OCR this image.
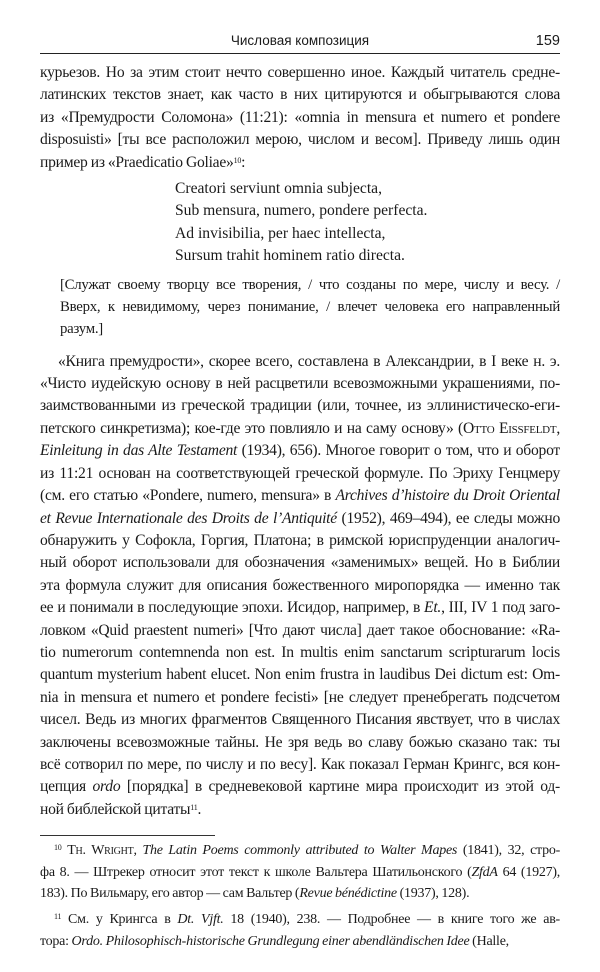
Числовая композиция	159
курьезов. Но за этим стоит нечто совершенно иное. Каждый читатель средне-
латинских текстов знает, как часто в них цитируются и обыгрываются слова
из «Премудрости Соломона» (11:21): «omnia in mensura et numero et pondere
disposuisti» [ты все расположил мерою, числом и весом]. Приведу лишь один
пример из «Praedicatio Goliae»$^{10}$:
Creatori serviunt omnia subjecta,
Sub mensura, numero, pondere perfecta.
Ad invisibilia, per haec intellecta,
Sursum trahit hominem ratio directa.
[Служат своему творцу все творения, / что созданы по мере, числу и весу. /
Вверх, к невидимому, через понимание, / влечет человека его направленный
разум.]
«Книга премудрости», скорее всего, составлена в Александрии, в I веке н. э.
«Чисто иудейскую основу в ней расцветили всевозможными украшениями, по-
заимствованными из греческой традиции (или, точнее, из эллинистическо-еги-
петского синкретизма); кое-где это повлияло и на саму основу» (Otto Eissfeldt,
Einleitung in das Alte Testament (1934), 656). Многое говорит о том, что и оборот
из 11:21 основан на соответствующей греческой формуле. По Эриху Генцмеру
(см. его статью «Pondere, numero, mensura» в Archives d’histoire du Droit Oriental
et Revue Internationale des Droits de l’Antiquité (1952), 469–494), ее следы можно
обнаружить у Софокла, Горгия, Платона; в римской юриспруденции аналогич-
ный оборот использовали для обозначения «заменимых» вещей. Но в Библии
эта формула служит для описания божественного миропорядка — именно так
ее и понимали в последующие эпохи. Исидор, например, в Et., III, IV 1 под заго-
ловком «Quid praestent numeri» [Что дают числа] дает такое обоснование: «Ra-
tio numerorum contemnenda non est. In multis enim sanctarum scripturarum locis
quantum mysterium habent elucet. Non enim frustra in laudibus Dei dictum est: Om-
nia in mensura et numero et pondere fecisti» [не следует пренебрегать подсчетом
чисел. Ведь из многих фрагментов Священного Писания явствует, что в числах
заключены всевозможные тайны. Не зря ведь во славу божью сказано так: ты
всё сотворил по мере, по числу и по весу]. Как показал Герман Крингс, вся кон-
цепция ordo [порядка] в средневековой картине мира происходит из этой од-
ной библейской цитаты$^{11}$.
$^{10}$ Th. Wright, The Latin Poems commonly attributed to Walter Mapes (1841), 32, стро-
фа 8. — Штрекер относит этот текст к школе Вальтера Шатильонского (ZfdA 64 (1927),
183). По Вильмару, его автор — сам Вальтер (Revue bénédictine (1937), 128).
$^{11}$ См. у Крингса в Dt. Vjft. 18 (1940), 238. — Подробнее — в книге того же ав-
тора: Ordo. Philosophisch-historische Grundlegung einer abendländischen Idee (Halle,
